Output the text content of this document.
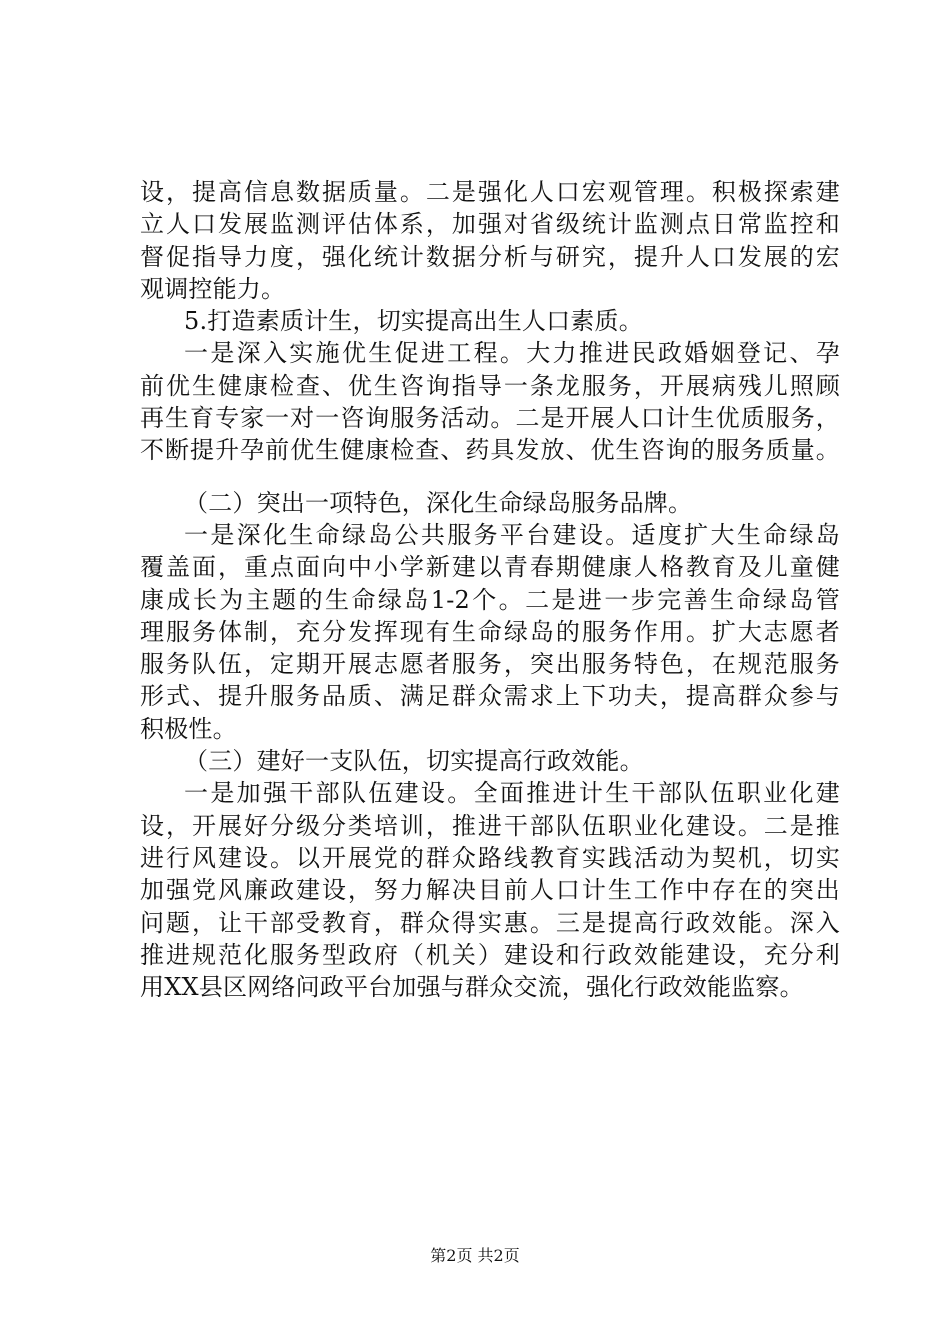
设，提高信息数据质量。二是强化人口宏观管理。积极探索建
立人口发展监测评估体系，加强对省级统计监测点日常监控和
督促指导力度，强化统计数据分析与研究，提升人口发展的宏
观调控能力。
5.打造素质计生，切实提高出生人口素质。
一是深入实施优生促进工程。大力推进民政婚姻登记、孕
前优生健康检查、优生咨询指导一条龙服务，开展病残儿照顾
再生育专家一对一咨询服务活动。二是开展人口计生优质服务，
不断提升孕前优生健康检查、药具发放、优生咨询的服务质量。
（二）突出一项特色，深化生命绿岛服务品牌。
一是深化生命绿岛公共服务平台建设。适度扩大生命绿岛
覆盖面，重点面向中小学新建以青春期健康人格教育及儿童健
康成长为主题的生命绿岛1-2个。二是进一步完善生命绿岛管
理服务体制，充分发挥现有生命绿岛的服务作用。扩大志愿者
服务队伍，定期开展志愿者服务，突出服务特色，在规范服务
形式、提升服务品质、满足群众需求上下功夫，提高群众参与
积极性。
（三）建好一支队伍，切实提高行政效能。
一是加强干部队伍建设。全面推进计生干部队伍职业化建
设，开展好分级分类培训，推进干部队伍职业化建设。二是推
进行风建设。以开展党的群众路线教育实践活动为契机，切实
加强党风廉政建设，努力解决目前人口计生工作中存在的突出
问题，让干部受教育，群众得实惠。三是提高行政效能。深入
推进规范化服务型政府（机关）建设和行政效能建设，充分利
用XX县区网络问政平台加强与群众交流，强化行政效能监察。
第2页 共2页
